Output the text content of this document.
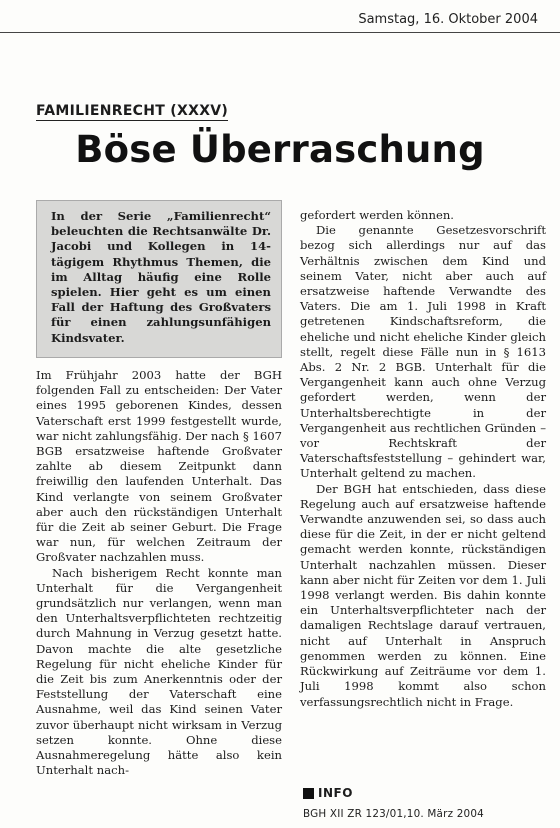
Samstag, 16. Oktober 2004
FAMILIENRECHT (XXXV)
Böse Überraschung

In der Serie „Familienrecht“ beleuchten die Rechtsanwälte Dr. Jacobi und Kollegen in 14-tägigem Rhythmus Themen, die im Alltag häufig eine Rolle spielen. Hier geht es um einen Fall der Haftung des Großvaters für einen zahlungsunfähigen Kindsvater.

Im Frühjahr 2003 hatte der BGH folgenden Fall zu entscheiden: Der Vater eines 1995 geborenen Kindes, dessen Vaterschaft erst 1999 festgestellt wurde, war nicht zahlungsfähig. Der nach § 1607 BGB ersatzweise haftende Großvater zahlte ab diesem Zeitpunkt dann freiwillig den laufenden Unterhalt. Das Kind verlangte von seinem Großvater aber auch den rückständigen Unterhalt für die Zeit ab seiner Geburt. Die Frage war nun, für welchen Zeitraum der Großvater nachzahlen muss.

Nach bisherigem Recht konnte man Unterhalt für die Vergangenheit grundsätzlich nur verlangen, wenn man den Unterhaltsverpflichteten rechtzeitig durch Mahnung in Verzug gesetzt hatte. Davon machte die alte gesetzliche Regelung für nicht eheliche Kinder für die Zeit bis zum Anerkenntnis oder der Feststellung der Vaterschaft eine Ausnahme, weil das Kind seinen Vater zuvor überhaupt nicht wirksam in Verzug setzen konnte. Ohne diese Ausnahmeregelung hätte also kein Unterhalt nach-

gefordert werden können.

Die genannte Gesetzesvorschrift bezog sich allerdings nur auf das Verhältnis zwischen dem Kind und seinem Vater, nicht aber auch auf ersatzweise haftende Verwandte des Vaters. Die am 1. Juli 1998 in Kraft getretenen Kindschaftsreform, die eheliche und nicht eheliche Kinder gleich stellt, regelt diese Fälle nun in § 1613 Abs. 2 Nr. 2 BGB. Unterhalt für die Vergangenheit kann auch ohne Verzug gefordert werden, wenn der Unterhaltsberechtigte in der Vergangenheit aus rechtlichen Gründen – vor Rechtskraft der Vaterschaftsfeststellung – gehindert war, Unterhalt geltend zu machen.

Der BGH hat entschieden, dass diese Regelung auch auf ersatzweise haftende Verwandte anzuwenden sei, so dass auch diese für die Zeit, in der er nicht geltend gemacht werden konnte, rückständigen Unterhalt nachzahlen müssen. Dieser kann aber nicht für Zeiten vor dem 1. Juli 1998 verlangt werden. Bis dahin konnte ein Unterhaltsverpflichteter nach der damaligen Rechtslage darauf vertrauen, nicht auf Unterhalt in Anspruch genommen werden zu können. Eine Rückwirkung auf Zeiträume vor dem 1. Juli 1998 kommt also schon verfassungsrechtlich nicht in Frage.

INFO
BGH XII ZR 123/01,10. März 2004
